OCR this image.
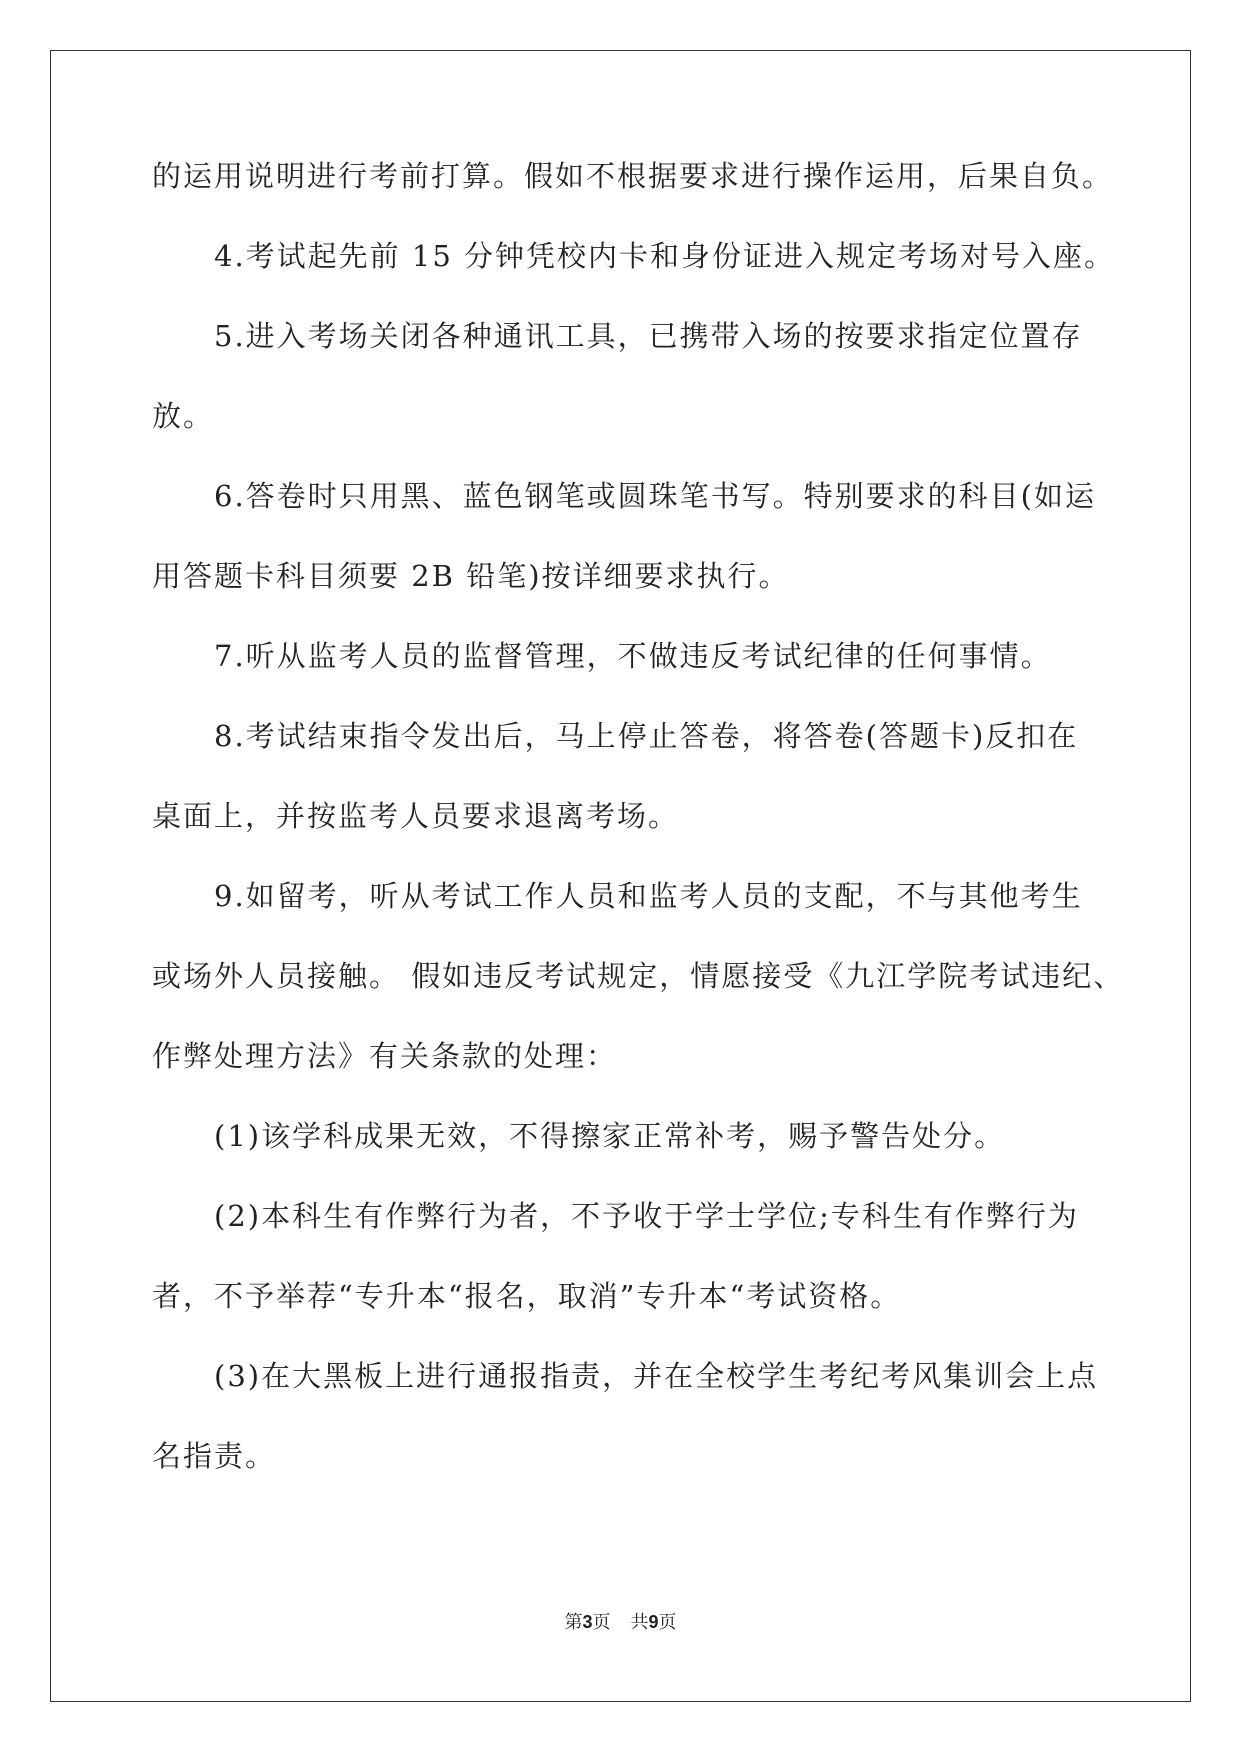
的运用说明进行考前打算。假如不根据要求进行操作运用，后果自负。
4.考试起先前 15 分钟凭校内卡和身份证进入规定考场对号入座。
5.进入考场关闭各种通讯工具，已携带入场的按要求指定位置存
放。
6.答卷时只用黑、蓝色钢笔或圆珠笔书写。特别要求的科目(如运
用答题卡科目须要 2B 铅笔)按详细要求执行。
7.听从监考人员的监督管理，不做违反考试纪律的任何事情。
8.考试结束指令发出后，马上停止答卷，将答卷(答题卡)反扣在
桌面上，并按监考人员要求退离考场。
9.如留考，听从考试工作人员和监考人员的支配，不与其他考生
或场外人员接触。 假如违反考试规定，情愿接受《九江学院考试违纪、
作弊处理方法》有关条款的处理：
(1)该学科成果无效，不得擦家正常补考，赐予警告处分。
(2)本科生有作弊行为者，不予收于学士学位;专科生有作弊行为
者，不予举荐“专升本“报名，取消”专升本“考试资格。
(3)在大黑板上进行通报指责，并在全校学生考纪考风集训会上点
名指责。
第3页 共9页
